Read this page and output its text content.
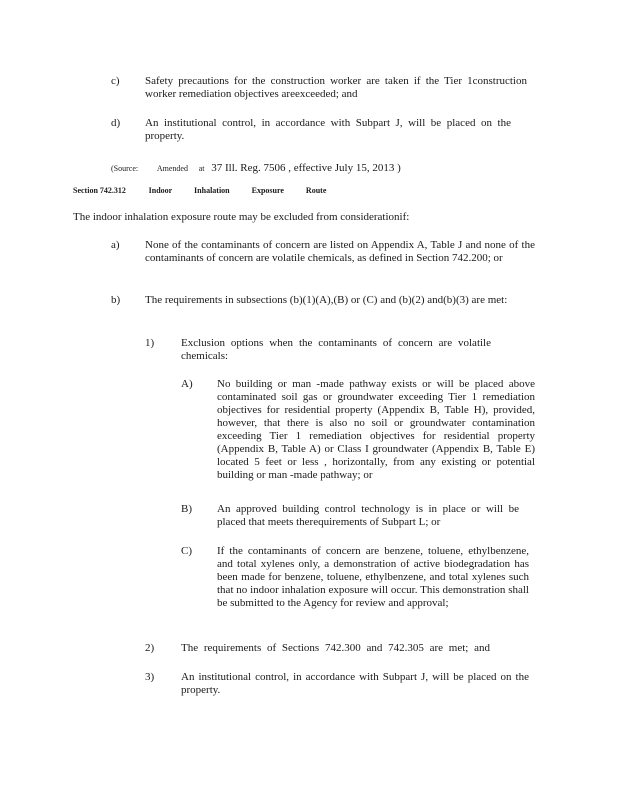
c) Safety precautions for the construction worker are taken if the Tier 1construction worker remediation objectives areexceeded; and
d) An institutional control, in accordance with Subpart J, will be placed on the property.
(Source: Amended at 37 Ill. Reg. 7506 , effective July 15, 2013 )
Section 742.312	Indoor Inhalation Exposure Route
The indoor inhalation exposure route may be excluded from considerationif:
a) None of the contaminants of concern are listed on Appendix A, Table J and none of the contaminants of concern are volatile chemicals, as defined in Section 742.200; or
b) The requirements in subsections (b)(1)(A),(B) or (C) and (b)(2) and(b)(3) are met:
1) Exclusion options when the contaminants of concern are volatile chemicals:
A) No building or man -made pathway exists or will be placed above contaminated soil gas or groundwater exceeding Tier 1 remediation objectives for residential property (Appendix B, Table H), provided, however, that there is also no soil or groundwater contamination exceeding Tier 1 remediation objectives for residential property (Appendix B, Table A) or Class I groundwater (Appendix B, Table E) located 5 feet or less , horizontally, from any existing or potential building or man -made pathway; or
B) An approved building control technology is in place or will be placed that meets therequirements of Subpart L; or
C) If the contaminants of concern are benzene, toluene, ethylbenzene, and total xylenes only, a demonstration of active biodegradation has been made for benzene, toluene, ethylbenzene, and total xylenes such that no indoor inhalation exposure will occur. This demonstration shall be submitted to the Agency for review and approval;
2) The requirements of Sections 742.300 and 742.305 are met; and
3) An institutional control, in accordance with Subpart J, will be placed on the property.
